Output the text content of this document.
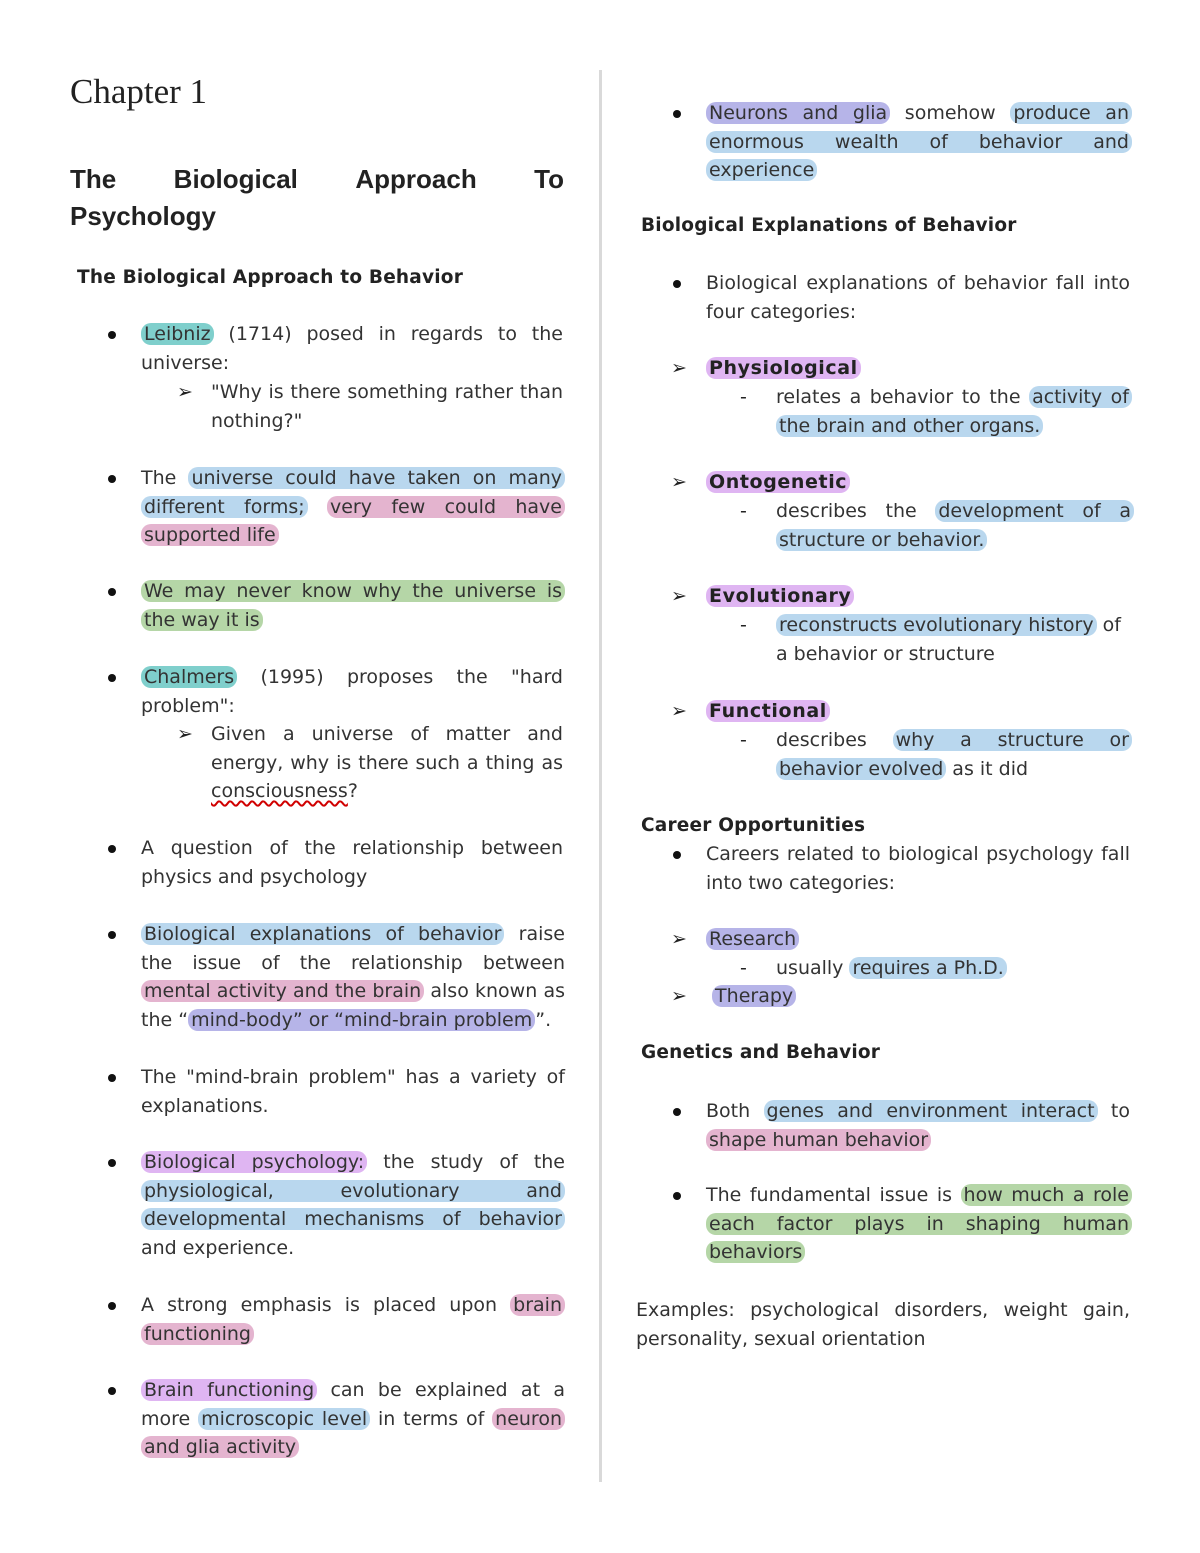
Chapter 1
The Biological Approach To
Psychology
The Biological Approach to Behavior

Leibniz (1714) posed in regards to the universe:

➢ "Why is there something rather than nothing?"

The universe could have taken on many different forms; very few could have supported life

We may never know why the universe is the way it is

Chalmers (1995) proposes the "hard problem":

➢ Given a universe of matter and energy, why is there such a thing as consciousness?

A question of the relationship between physics and psychology

Biological explanations of behavior raise the issue of the relationship between mental activity and the brain also known as the “ mind-body” or “mind-brain problem ”.

The "mind-brain problem" has a variety of explanations.

Biological psychology: the study of the physiological, evolutionary and developmental mechanisms of behavior and experience.

A strong emphasis is placed upon brain functioning

Brain functioning can be explained at a more microscopic level in terms of neuron and glia activity

Neurons and glia somehow produce an enormous wealth of behavior and experience

Biological Explanations of Behavior

Biological explanations of behavior fall into four categories:

➢ Physiological

- relates a behavior to the activity of the brain and other organs.

➢ Ontogenetic

- describes the development of a structure or behavior.

➢ Evolutionary

- reconstructs evolutionary history of a behavior or structure

➢ Functional

- describes why a structure or behavior evolved as it did

Career Opportunities

Careers related to biological psychology fall into two categories:

➢ Research

- usually requires a Ph.D.

➢	Therapy

Genetics and Behavior

Both genes and environment interact to shape human behavior

The fundamental issue is how much a role each factor plays in shaping human behaviors

Examples: psychological disorders, weight gain, personality, sexual orientation
